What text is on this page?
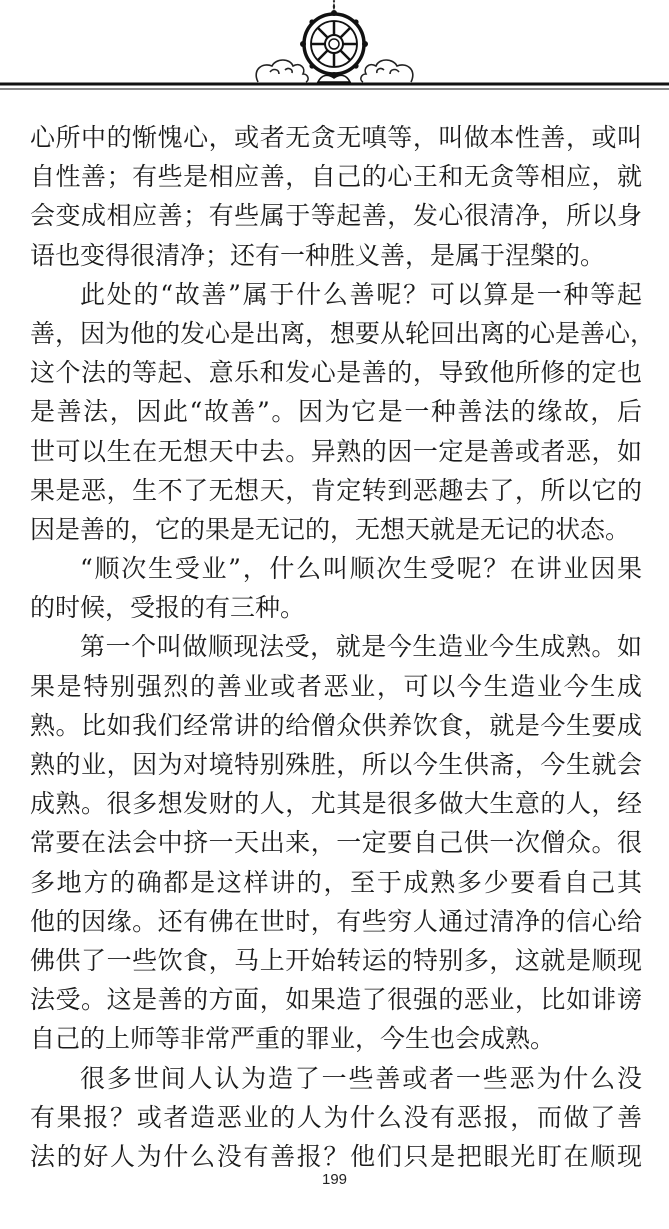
心所中的惭愧心，或者无贪无嗔等，叫做本性善，或叫
自性善；有些是相应善，自己的心王和无贪等相应，就
会变成相应善；有些属于等起善，发心很清净，所以身
语也变得很清净；还有一种胜义善，是属于涅槃的。
此处的“故善”属于什么善呢？可以算是一种等起
善，因为他的发心是出离，想要从轮回出离的心是善心，
这个法的等起、意乐和发心是善的，导致他所修的定也
是善法，因此“故善”。因为它是一种善法的缘故，后
世可以生在无想天中去。异熟的因一定是善或者恶，如
果是恶，生不了无想天，肯定转到恶趣去了，所以它的
因是善的，它的果是无记的，无想天就是无记的状态。
“顺次生受业”，什么叫顺次生受呢？在讲业因果
的时候，受报的有三种。
第一个叫做顺现法受，就是今生造业今生成熟。如
果是特别强烈的善业或者恶业，可以今生造业今生成
熟。比如我们经常讲的给僧众供养饮食，就是今生要成
熟的业，因为对境特别殊胜，所以今生供斋，今生就会
成熟。很多想发财的人，尤其是很多做大生意的人，经
常要在法会中挤一天出来，一定要自己供一次僧众。很
多地方的确都是这样讲的，至于成熟多少要看自己其
他的因缘。还有佛在世时，有些穷人通过清净的信心给
佛供了一些饮食，马上开始转运的特别多，这就是顺现
法受。这是善的方面，如果造了很强的恶业，比如诽谤
自己的上师等非常严重的罪业，今生也会成熟。
很多世间人认为造了一些善或者一些恶为什么没
有果报？或者造恶业的人为什么没有恶报，而做了善
法的好人为什么没有善报？他们只是把眼光盯在顺现
199
